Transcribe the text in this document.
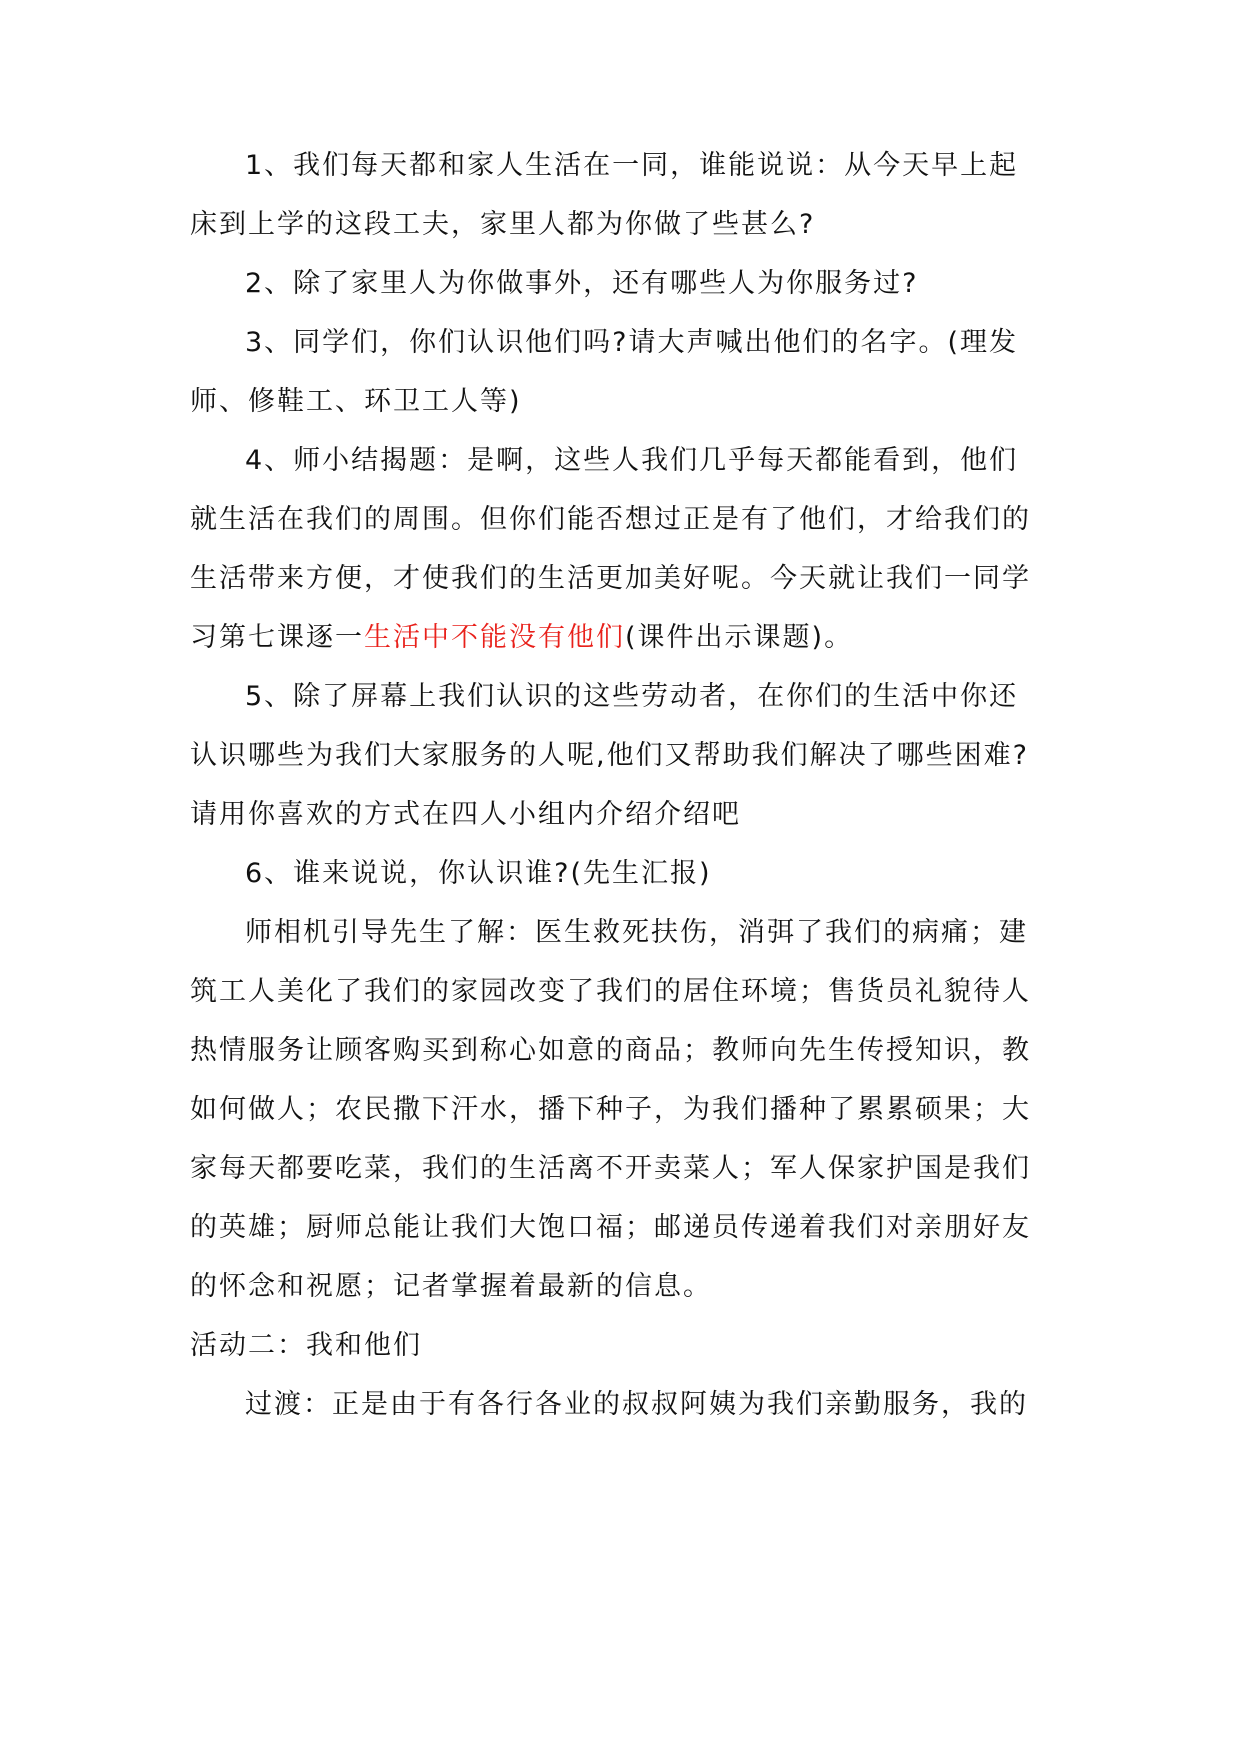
1、我们每天都和家人生活在一同，谁能说说：从今天早上起
床到上学的这段工夫，家里人都为你做了些甚么?
2、除了家里人为你做事外，还有哪些人为你服务过?
3、同学们，你们认识他们吗?请大声喊出他们的名字。(理发
师、修鞋工、环卫工人等)
4、师小结揭题：是啊，这些人我们几乎每天都能看到，他们
就生活在我们的周围。但你们能否想过正是有了他们，才给我们的
生活带来方便，才使我们的生活更加美好呢。今天就让我们一同学
习第七课逐一生活中不能没有他们(课件出示课题)。
5、除了屏幕上我们认识的这些劳动者，在你们的生活中你还
认识哪些为我们大家服务的人呢,他们又帮助我们解决了哪些困难?
请用你喜欢的方式在四人小组内介绍介绍吧
6、谁来说说，你认识谁?(先生汇报)
师相机引导先生了解：医生救死扶伤，消弭了我们的病痛；建
筑工人美化了我们的家园改变了我们的居住环境；售货员礼貌待人
热情服务让顾客购买到称心如意的商品；教师向先生传授知识，教
如何做人；农民撒下汗水，播下种子，为我们播种了累累硕果；大
家每天都要吃菜，我们的生活离不开卖菜人；军人保家护国是我们
的英雄；厨师总能让我们大饱口福；邮递员传递着我们对亲朋好友
的怀念和祝愿；记者掌握着最新的信息。
活动二：我和他们
过渡：正是由于有各行各业的叔叔阿姨为我们亲勤服务，我的
